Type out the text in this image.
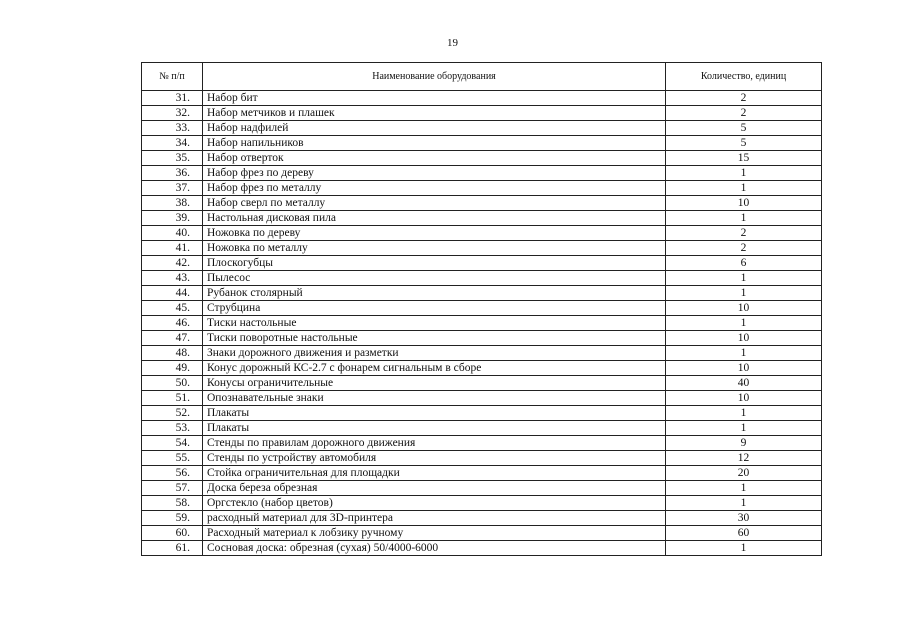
19
№ п/п	Наименование оборудования	Количество, единиц
31.	Набор бит	2
32.	Набор метчиков и плашек	2
33.	Набор надфилей	5
34.	Набор напильников	5
35.	Набор отверток	15
36.	Набор фрез по дереву	1
37.	Набор фрез по металлу	1
38.	Набор сверл по металлу	10
39.	Настольная дисковая пила	1
40.	Ножовка по дереву	2
41.	Ножовка по металлу	2
42.	Плоскогубцы	6
43.	Пылесос	1
44.	Рубанок столярный	1
45.	Струбцина	10
46.	Тиски настольные	1
47.	Тиски поворотные настольные	10
48.	Знаки дорожного движения и разметки	1
49.	Конус дорожный КС-2.7 с фонарем сигнальным в сборе	10
50.	Конусы ограничительные	40
51.	Опознавательные знаки	10
52.	Плакаты	1
53.	Плакаты	1
54.	Стенды по правилам дорожного движения	9
55.	Стенды по устройству автомобиля	12
56.	Стойка ограничительная для площадки	20
57.	Доска береза обрезная	1
58.	Оргстекло (набор цветов)	1
59.	расходный материал для 3D-принтера	30
60.	Расходный материал к лобзику ручному	60
61.	Сосновая доска: обрезная (сухая) 50/4000-6000	1
